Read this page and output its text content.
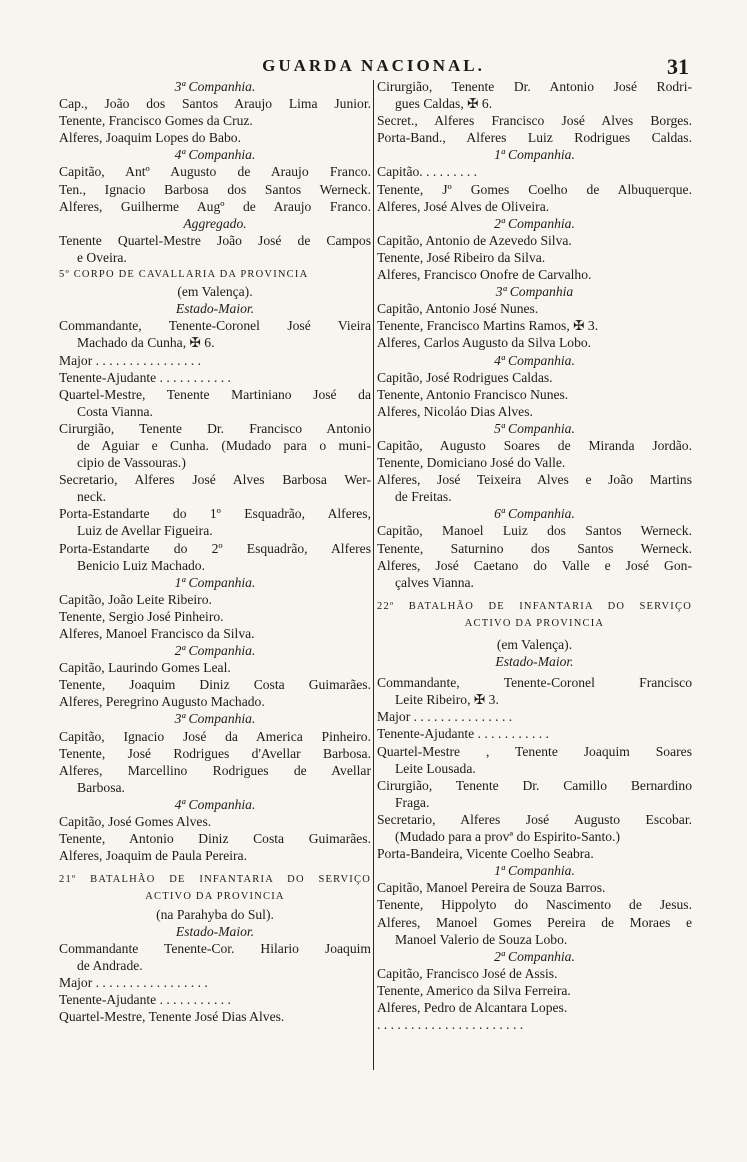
GUARDA NACIONAL.	31
3ª Companhia.
Cap., João dos Santos Araujo Lima Junior.
Tenente, Francisco Gomes da Cruz.
Alferes, Joaquim Lopes do Babo.
4ª Companhia.
Capitão, Antº Augusto de Araujo Franco.
Ten., Ignacio Barbosa dos Santos Werneck.
Alferes, Guilherme Augº de Araujo Franco.
Aggregado.
Tenente Quartel-Mestre João José de Campos
e Oveira.
5º CORPO DE CAVALLARIA DA PROVINCIA
(em Valença).
Estado-Maior.
Commandante, Tenente-Coronel José Vieira
Machado da Cunha, ✠ 6.
Major . . . . . . . . . . . . . . . .
Tenente-Ajudante . . . . . . . . . . .
Quartel-Mestre, Tenente Martiniano José da
Costa Vianna.
Cirurgião, Tenente Dr. Francisco Antonio
de Aguiar e Cunha. (Mudado para o muni-
cipio de Vassouras.)
Secretario, Alferes José Alves Barbosa Wer-
neck.
Porta-Estandarte do 1º Esquadrão, Alferes,
Luiz de Avellar Figueira.
Porta-Estandarte do 2º Esquadrão, Alferes
Benicio Luiz Machado.
1ª Companhia.
Capitão, João Leite Ribeiro.
Tenente, Sergio José Pinheiro.
Alferes, Manoel Francisco da Silva.
2ª Companhia.
Capitão, Laurindo Gomes Leal.
Tenente, Joaquim Diniz Costa Guimarães.
Alferes, Peregrino Augusto Machado.
3ª Companhia.
Capitão, Ignacio José da America Pinheiro.
Tenente, José Rodrigues d'Avellar Barbosa.
Alferes, Marcellino Rodrigues de Avellar
Barbosa.
4ª Companhia.
Capitão, José Gomes Alves.
Tenente, Antonio Diniz Costa Guimarães.
Alferes, Joaquim de Paula Pereira.
21º BATALHÃO DE INFANTARIA DO SERVIÇO
ACTIVO DA PROVINCIA
(na Parahyba do Sul).
Estado-Maior.
Commandante Tenente-Cor. Hilario Joaquim
de Andrade.
Major . . . . . . . . . . . . . . . . .
Tenente-Ajudante . . . . . . . . . . .
Quartel-Mestre, Tenente José Dias Alves.
Cirurgião, Tenente Dr. Antonio José Rodri-
gues Caldas, ✠ 6.
Secret., Alferes Francisco José Alves Borges.
Porta-Band., Alferes Luiz Rodrigues Caldas.
1ª Companhia.
Capitão. . . . . . . . .
Tenente, Jº Gomes Coelho de Albuquerque.
Alferes, José Alves de Oliveira.
2ª Companhia.
Capitão, Antonio de Azevedo Silva.
Tenente, José Ribeiro da Silva.
Alferes, Francisco Onofre de Carvalho.
3ª Companhia
Capitão, Antonio José Nunes.
Tenente, Francisco Martins Ramos, ✠ 3.
Alferes, Carlos Augusto da Silva Lobo.
4ª Companhia.
Capitão, José Rodrigues Caldas.
Tenente, Antonio Francisco Nunes.
Alferes, Nicoláo Dias Alves.
5ª Companhia.
Capitão, Augusto Soares de Miranda Jordão.
Tenente, Domiciano José do Valle.
Alferes, José Teixeira Alves e João Martins
de Freitas.
6ª Companhia.
Capitão, Manoel Luiz dos Santos Werneck.
Tenente, Saturnino dos Santos Werneck.
Alferes, José Caetano do Valle e José Gon-
çalves Vianna.
22º BATALHÃO DE INFANTARIA DO SERVIÇO
ACTIVO DA PROVINCIA
(em Valença).
Estado-Maior.
Commandante, Tenente-Coronel Francisco
Leite Ribeiro, ✠ 3.
Major . . . . . . . . . . . . . . .
Tenente-Ajudante . . . . . . . . . . .
Quartel-Mestre , Tenente Joaquim Soares
Leite Lousada.
Cirurgião, Tenente Dr. Camillo Bernardino
Fraga.
Secretario, Alferes José Augusto Escobar.
(Mudado para a provª do Espirito-Santo.)
Porta-Bandeira, Vicente Coelho Seabra.
1ª Companhia.
Capitão, Manoel Pereira de Souza Barros.
Tenente, Hippolyto do Nascimento de Jesus.
Alferes, Manoel Gomes Pereira de Moraes e
Manoel Valerio de Souza Lobo.
2ª Companhia.
Capitão, Francisco José de Assis.
Tenente, Americo da Silva Ferreira.
Alferes, Pedro de Alcantara Lopes.
. . . . . . . . . . . . . . . . . . . . . .
